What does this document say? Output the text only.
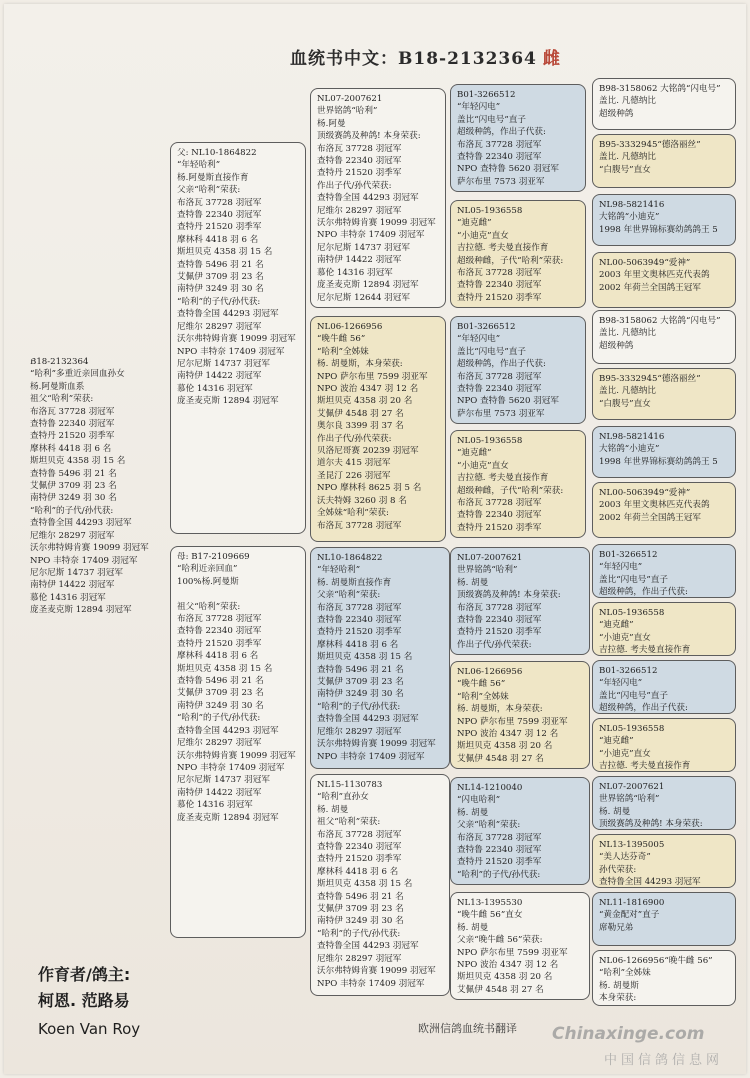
血统书中文：B18-2132364 雌
B18-2132364
“哈利”多重近亲回血孙女
杨.阿曼斯血系
祖父“哈利”荣获:
布洛瓦 37728 羽冠军
查特鲁 22340 羽冠军
查特丹 21520 羽季军
摩林科 4418 羽 6 名
斯坦贝克 4358 羽 15 名
查特鲁 5496 羽 21 名
艾佩伊 3709 羽 23 名
南特伊 3249 羽 30 名
“哈利”的子代/孙代获:
查特鲁全国 44293 羽冠军
尼维尔 28297 羽冠军
沃尔弗特姆肯赛 19099 羽冠军
NPO 丰特奈 17409 羽冠军
尼尔尼斯 14737 羽冠军
南特伊 14422 羽冠军
慕伦 14316 羽冠军
庞圣麦克斯 12894 羽冠军
父: NL10-1864822
“年轻哈利”
杨.阿曼斯直接作育
父亲“哈利”荣获:
布洛瓦 37728 羽冠军
查特鲁 22340 羽冠军
查特丹 21520 羽季军
摩林科 4418 羽 6 名
斯坦贝克 4358 羽 15 名
查特鲁 5496 羽 21 名
艾佩伊 3709 羽 23 名
南特伊 3249 羽 30 名
“哈利”的子代/孙代获:
查特鲁全国 44293 羽冠军
尼维尔 28297 羽冠军
沃尔弗特姆肯赛 19099 羽冠军
NPO 丰特奈 17409 羽冠军
尼尔尼斯 14737 羽冠军
南特伊 14422 羽冠军
慕伦 14316 羽冠军
庞圣麦克斯 12894 羽冠军
母: B17-2109669
“哈利近亲回血”
100%杨.阿曼斯

祖父“哈利”荣获:
布洛瓦 37728 羽冠军
查特鲁 22340 羽冠军
查特丹 21520 羽季军
摩林科 4418 羽 6 名
斯坦贝克 4358 羽 15 名
查特鲁 5496 羽 21 名
艾佩伊 3709 羽 23 名
南特伊 3249 羽 30 名
“哈利”的子代/孙代获:
查特鲁全国 44293 羽冠军
尼维尔 28297 羽冠军
沃尔弗特姆肯赛 19099 羽冠军
NPO 丰特奈 17409 羽冠军
尼尔尼斯 14737 羽冠军
南特伊 14422 羽冠军
慕伦 14316 羽冠军
庞圣麦克斯 12894 羽冠军
NL07-2007621
世界铭鸽“哈利”
杨.阿曼
顶级赛鸽及种鸽! 本身荣获:
布洛瓦 37728 羽冠军
查特鲁 22340 羽冠军
查特丹 21520 羽季军
作出子代/孙代荣获:
查特鲁全国 44293 羽冠军
尼维尔 28297 羽冠军
沃尔弗特姆肯赛 19099 羽冠军
NPO 丰特奈 17409 羽冠军
尼尔尼斯 14737 羽冠军
南特伊 14422 羽冠军
慕伦 14316 羽冠军
庞圣麦克斯 12894 羽冠军
尼尔尼斯 12644 羽冠军
NL06-1266956
“晚牛雌 56”
“哈利”全姊妹
杨. 胡曼斯，本身荣获:
NPO 萨尔布里 7599 羽亚军
NPO 波治 4347 羽 12 名
斯坦贝克 4358 羽 20 名
艾佩伊 4548 羽 27 名
奥尔良 3399 羽 37 名
作出子代/孙代荣获:
贝洛尼哥赛 20239 羽冠军
道尔夫 415 羽冠军
圣昆汀 226 羽冠军
NPO 摩林科 8625 羽 5 名
沃夫特姆 3260 羽 8 名
全姊妹“哈利”荣获:
布洛瓦 37728 羽冠军
NL10-1864822
“年轻哈利”
杨. 胡曼斯直接作育
父亲“哈利”荣获:
布洛瓦 37728 羽冠军
查特鲁 22340 羽冠军
查特丹 21520 羽季军
摩林科 4418 羽 6 名
斯坦贝克 4358 羽 15 名
查特鲁 5496 羽 21 名
艾佩伊 3709 羽 23 名
南特伊 3249 羽 30 名
“哈利”的子代/孙代获:
查特鲁全国 44293 羽冠军
尼维尔 28297 羽冠军
沃尔弗特姆肯赛 19099 羽冠军
NPO 丰特奈 17409 羽冠军
NL15-1130783
“哈利”直孙女
杨. 胡曼
祖父“哈利”荣获:
布洛瓦 37728 羽冠军
查特鲁 22340 羽冠军
查特丹 21520 羽季军
摩林科 4418 羽 6 名
斯坦贝克 4358 羽 15 名
查特鲁 5496 羽 21 名
艾佩伊 3709 羽 23 名
南特伊 3249 羽 30 名
“哈利”的子代/孙代获:
查特鲁全国 44293 羽冠军
尼维尔 28297 羽冠军
沃尔弗特姆肯赛 19099 羽冠军
NPO 丰特奈 17409 羽冠军
B01-3266512
“年轻闪电”
盖比“闪电号”直子
超级种鸽，作出子代获:
布洛瓦 37728 羽冠军
查特鲁 22340 羽冠军
NPO 查特鲁 5620 羽冠军
萨尔布里 7573 羽亚军
NL05-1936558
“迪克雌”
“小迪克”直女
吉拉德. 考夫曼直接作育
超级种雌，子代“哈利”荣获:
布洛瓦 37728 羽冠军
查特鲁 22340 羽冠军
查特丹 21520 羽季军
B01-3266512
“年轻闪电”
盖比“闪电号”直子
超级种鸽，作出子代获:
布洛瓦 37728 羽冠军
查特鲁 22340 羽冠军
NPO 查特鲁 5620 羽冠军
萨尔布里 7573 羽亚军
NL05-1936558
“迪克雌”
“小迪克”直女
吉拉德. 考夫曼直接作育
超级种雌，子代“哈利”荣获:
布洛瓦 37728 羽冠军
查特鲁 22340 羽冠军
查特丹 21520 羽季军
NL07-2007621
世界铭鸽“哈利”
杨. 胡曼
顶级赛鸽及种鸽! 本身荣获:
布洛瓦 37728 羽冠军
查特鲁 22340 羽冠军
查特丹 21520 羽季军
作出子代/孙代荣获:
NL06-1266956
“晚牛雌 56”
“哈利”全姊妹
杨. 胡曼斯，本身荣获:
NPO 萨尔布里 7599 羽亚军
NPO 波治 4347 羽 12 名
斯坦贝克 4358 羽 20 名
艾佩伊 4548 羽 27 名
NL14-1210040
“闪电哈利”
杨. 胡曼
父亲“哈利”荣获:
布洛瓦 37728 羽冠军
查特鲁 22340 羽冠军
查特丹 21520 羽季军
“哈利”的子代/孙代获:
NL13-1395530
“晚牛雌 56”直女
杨. 胡曼
父亲“晚牛雌 56”荣获:
NPO 萨尔布里 7599 羽亚军
NPO 波治 4347 羽 12 名
斯坦贝克 4358 羽 20 名
艾佩伊 4548 羽 27 名
B98-3158062 大铭鸽“闪电号”
盖比. 凡德纳比
超级种鸽
B95-3332945“德洛丽丝”
盖比. 凡德纳比
“白腹号”直女
NL98-5821416
大铭鸽“小迪克”
1998 年世界锦标赛幼鸽鸽王 5
NL00-5063949“爱神”
2003 年里文奥林匹克代表鸽
2002 年荷兰全国鸽王冠军
B98-3158062 大铭鸽“闪电号”
盖比. 凡德纳比
超级种鸽
B95-3332945“德洛丽丝”
盖比. 凡德纳比
“白腹号”直女
NL98-5821416
大铭鸽“小迪克”
1998 年世界锦标赛幼鸽鸽王 5
NL00-5063949“爱神”
2003 年里文奥林匹克代表鸽
2002 年荷兰全国鸽王冠军
B01-3266512
“年轻闪电”
盖比“闪电号”直子
超级种鸽，作出子代获:
NL05-1936558
“迪克雌”
“小迪克”直女
吉拉德. 考夫曼直接作育
B01-3266512
“年轻闪电”
盖比“闪电号”直子
超级种鸽，作出子代获:
NL05-1936558
“迪克雌”
“小迪克”直女
吉拉德. 考夫曼直接作育
NL07-2007621
世界铭鸽“哈利”
杨. 胡曼
顶级赛鸽及种鸽! 本身荣获:
NL13-1395005
“美人达芬奇”
孙代荣获:
查特鲁全国 44293 羽冠军
NL11-1816900
“黄金配对”直子
席勒兄弟
NL06-1266956“晚牛雌 56”
“哈利”全姊妹
杨. 胡曼斯
本身荣获:
作育者/鸽主:
柯恩. 范路易
Koen Van Roy	欧洲信鸽血统书翻译 Chinaxinge.com
中国信鸽信息网
